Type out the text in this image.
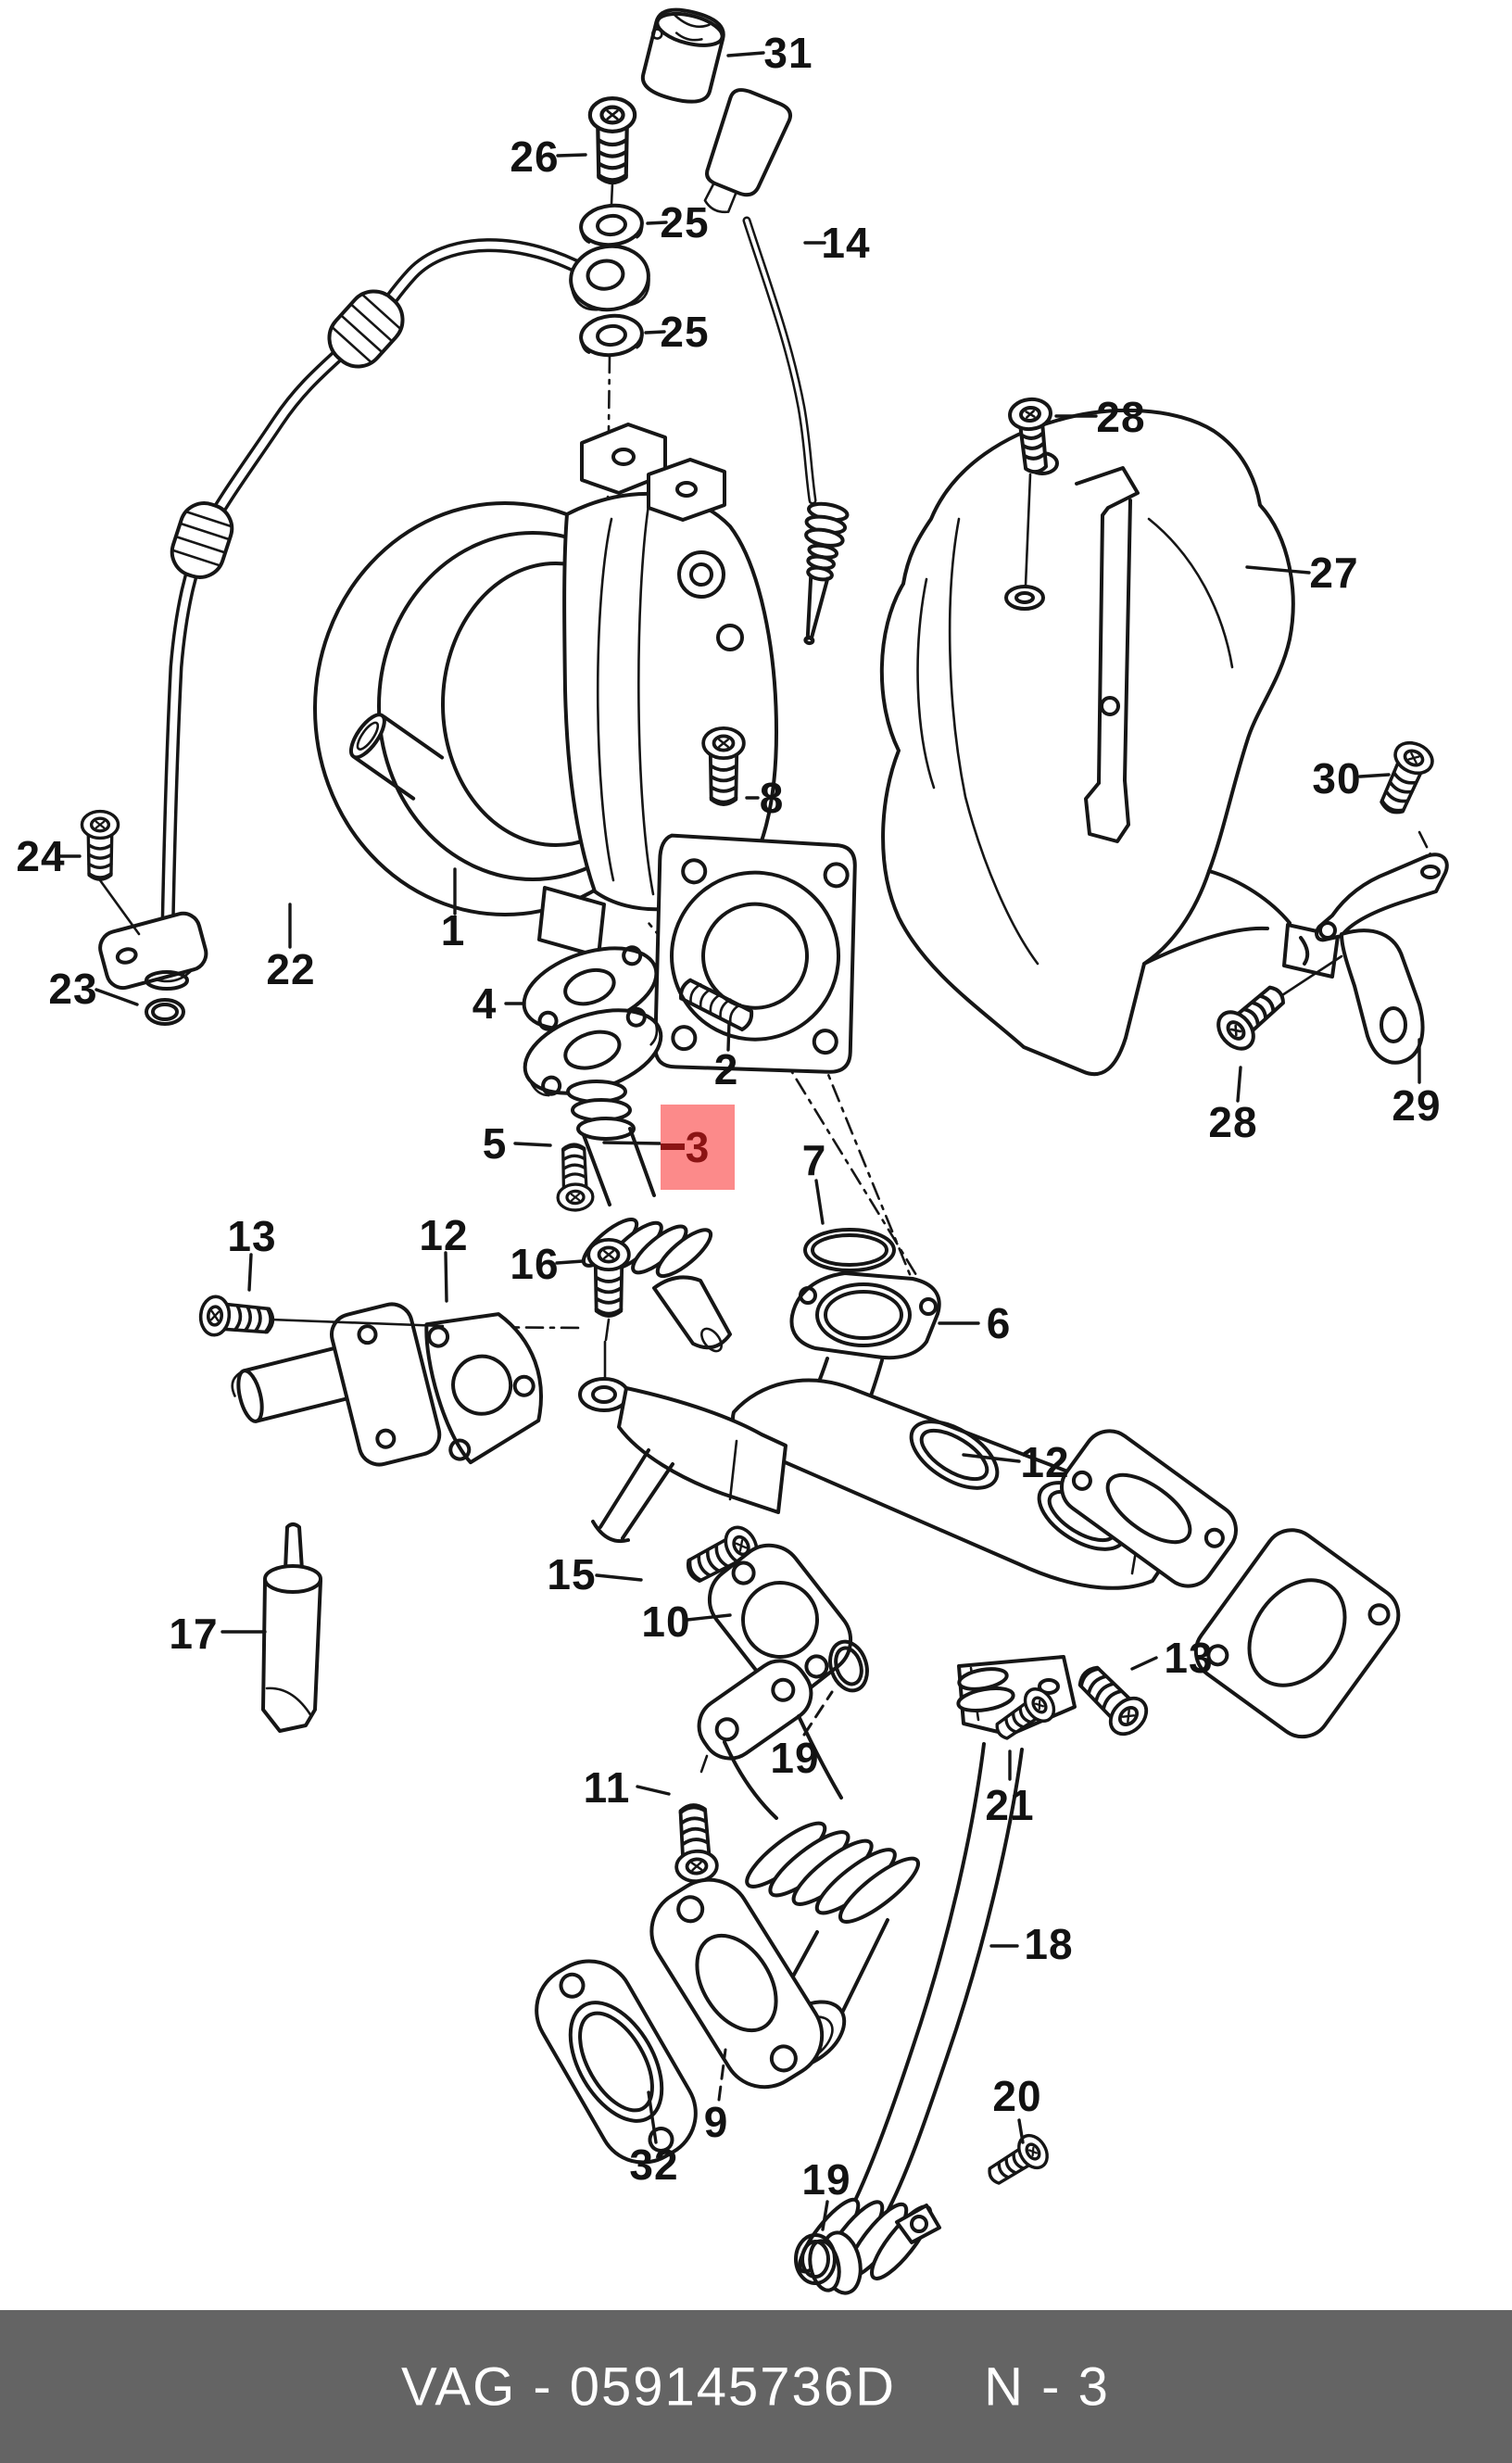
31
26
25	14
25
28
27
30
8
24
1
22
23	4
2
29
28
5	3	7
13	12
16
6
12
15
10
17	13
19
11	21
18
20
9
32	19
VAG - 059145736D N - 3
